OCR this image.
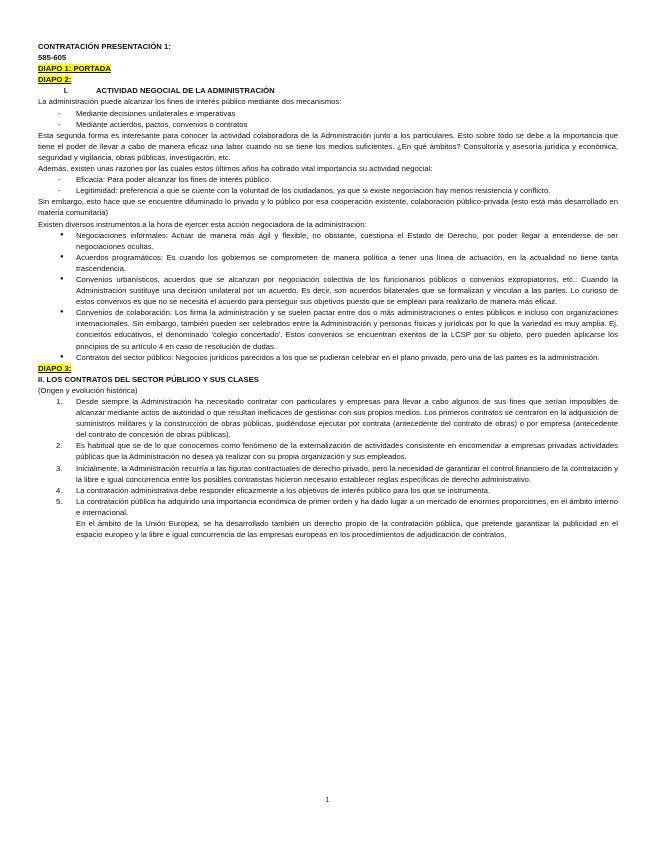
CONTRATACIÓN PRESENTACIÓN 1:

585-605

DIAPO 1: PORTADA

DIAPO 2:

I.	ACTIVIDAD NEGOCIAL DE LA ADMINISTRACIÓN

La administración puede alcanzar los fines de interés público mediante dos mecanismos:

-	Mediante decisiones unilaterales e imperativas
-	Mediante acuerdos, pactos, convenios o contratos

Esta segunda forma es interesante para conocer la actividad colaboradora de la Administración junto a los particulares. Esto sobre todo se debe a la importancia que tiene el poder de llevar a cabo de manera eficaz una labor cuando no se tiene los medios suficientes. ¿En qué ámbitos? Consultoría y asesoría jurídica y económica, seguridad y vigilancia, obras públicas, investigación, etc.

Además, existen unas razones por las cuales estos últimos años ha cobrado vital importancia su actividad negocial:

-	Eficacia: Para poder alcanzar los fines de interés público.
-	Legitimidad: preferencia a que se cuente con la voluntad de los ciudadanos, ya que si existe negociación hay menos resistencia y conflicto.

Sin embargo, esto hace que se encuentre difuminado lo privado y lo público por esa cooperación existente, colaboración público-privada (esto está más desarrollado en materia comunitaria)

Existen diversos instrumentos a la hora de ejercer esta acción negociadora de la administración:

●	Negociaciones informales: Actuar de manera más ágil y flexible, no obstante, cuestiona el Estado de Derecho, por poder llegar a entenderse de ser negociaciones ocultas.
●	Acuerdos programáticos: Es cuando los gobiernos se comprometen de manera política a tener una línea de actuación, en la actualidad no tiene tanta trascendencia.
●	Convenios urbanísticos, acuerdos que se alcanzan por negociación colectiva de los funcionarios públicos o convenios expropiatorios, etc.: Cuando la Administración sustituye una decisión unilateral por un acuerdo. Es decir, son acuerdos bilaterales que se formalizan y vinculan a las partes. Lo curioso de estos convenios es que no se necesita el acuerdo para perseguir sus objetivos puesto que se emplean para realizarlo de manera más eficaz.
●	Convenios de colaboración: Los firma la administración y se suelen pactar entre dos o más administraciones o entes públicos e incluso con organizaciones internacionales. Sin embargo, también pueden ser celebrados entre la Administración y personas físicas y jurídicas por lo que la variedad es muy amplia. Ej. conciertos educativos, el denominado 'colegio concertado'. Estos convenios se encuentran exentos de la LCSP por su objeto, pero pueden aplicarse los principios de su artículo 4 en caso de resolución de dudas.
●	Contratos del sector público: Negocios jurídicos parecidos a los que se pudieran celebrar en el plano privado, pero una de las partes es la administración.

DIAPO 3:

II. LOS CONTRATOS DEL SECTOR PÚBLICO Y SUS CLASES

(Origen y evolución histórica)

1.	Desde siempre la Administración ha necesitado contratar con particulares y empresas para llevar a cabo algunos de sus fines que serían imposibles de alcanzar mediante actos de autoridad o que resultan ineficaces de gestionar con sus propios medios. Los primeros contratos se centraron en la adquisición de suministros militares y la construcción de obras públicas, pudiéndose ejecutar por contrata (antecedente del contrato de obras) o por empresa (antecedente del contrato de concesión de obras públicas).
2.	Es habitual que se de lo que conocemos como fenómeno de la externalización de actividades consistente en encomendar a empresas privadas actividades públicas que la Administración no desea ya realizar con su propia organización y sus empleados.
3.	Inicialmente, la Administración recurría a las figuras contractuales de derecho privado, pero la necesidad de garantizar el control financiero de la contratación y la libre e igual concurrencia entre los posibles contratistas hicieron necesario establecer reglas específicas de derecho administrativo.
4.	La contratación administrativa debe responder eficazmente a los objetivos de interés público para los que se instrumenta.
5.	La contratación pública ha adquirido una importancia económica de primer orden y ha dado lugar a un mercado de enormes proporciones, en el ámbito interno e internacional.

En el ámbito de la Unión Europea, se ha desarrollado también un derecho propio de la contratación pública, que pretende garantizar la publicidad en el espacio europeo y la libre e igual concurrencia de las empresas europeas en los procedimientos de adjudicación de contratos.

1
